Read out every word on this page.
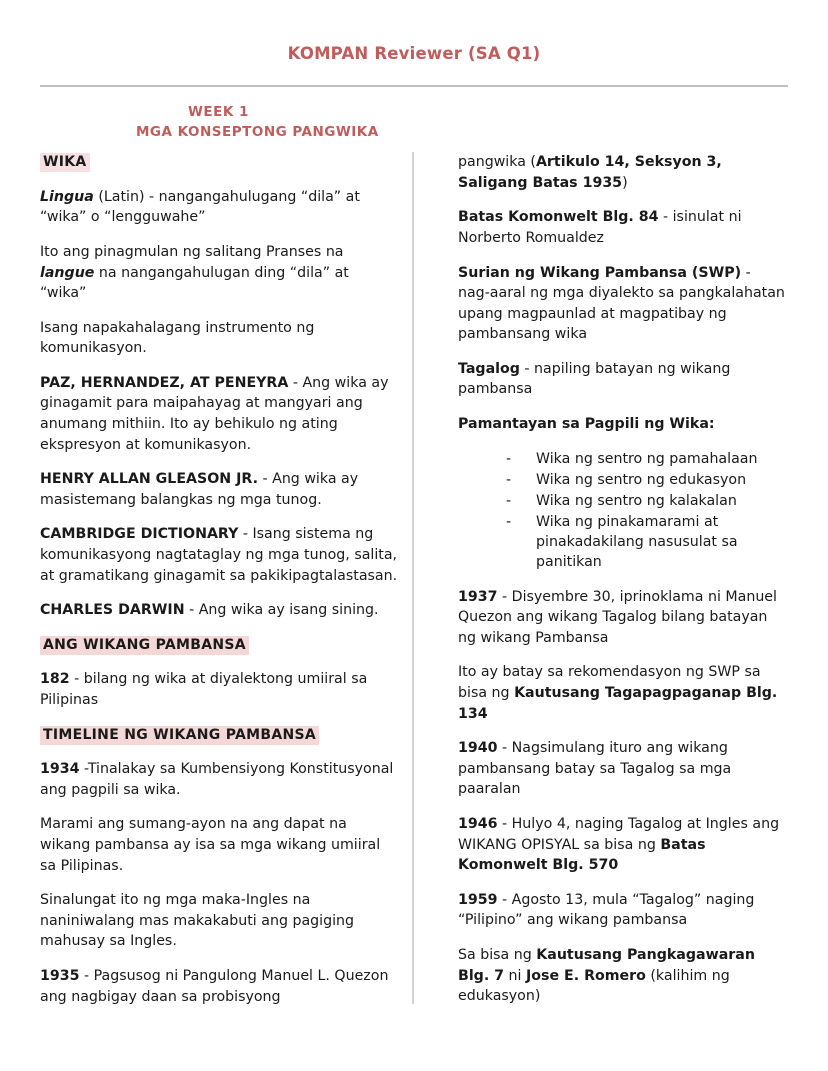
KOMPAN Reviewer (SA Q1)
WEEK 1
MGA KONSEPTONG PANGWIKA

WIKA

Lingua (Latin) - nangangahulugang “dila” at “wika” o “lengguwahe”

Ito ang pinagmulan ng salitang Pranses na langue na nangangahulugan ding “dila” at “wika”

Isang napakahalagang instrumento ng komunikasyon.

PAZ, HERNANDEZ, AT PENEYRA - Ang wika ay ginagamit para maipahayag at mangyari ang anumang mithiin. Ito ay behikulo ng ating ekspresyon at komunikasyon.

HENRY ALLAN GLEASON JR. - Ang wika ay masistemang balangkas ng mga tunog.

CAMBRIDGE DICTIONARY - Isang sistema ng komunikasyong nagtataglay ng mga tunog, salita, at gramatikang ginagamit sa pakikipagtalastasan.

CHARLES DARWIN - Ang wika ay isang sining.

ANG WIKANG PAMBANSA

182 - bilang ng wika at diyalektong umiiral sa Pilipinas

TIMELINE NG WIKANG PAMBANSA

1934 -Tinalakay sa Kumbensiyong Konstitusyonal ang pagpili sa wika.

Marami ang sumang-ayon na ang dapat na wikang pambansa ay isa sa mga wikang umiiral sa Pilipinas.

Sinalungat ito ng mga maka-Ingles na naniniwalang mas makakabuti ang pagiging mahusay sa Ingles.

1935 - Pagsusog ni Pangulong Manuel L. Quezon ang nagbigay daan sa probisyong

pangwika (Artikulo 14, Seksyon 3, Saligang Batas 1935)

Batas Komonwelt Blg. 84 - isinulat ni Norberto Romualdez

Surian ng Wikang Pambansa (SWP) - nag-aaral ng mga diyalekto sa pangkalahatan upang magpaunlad at magpatibay ng pambansang wika

Tagalog - napiling batayan ng wikang pambansa

Pamantayan sa Pagpili ng Wika:

- Wika ng sentro ng pamahalaan
- Wika ng sentro ng edukasyon
- Wika ng sentro ng kalakalan
- Wika ng pinakamarami at pinakadakilang nasusulat sa panitikan

1937 - Disyembre 30, iprinoklama ni Manuel Quezon ang wikang Tagalog bilang batayan ng wikang Pambansa

Ito ay batay sa rekomendasyon ng SWP sa bisa ng Kautusang Tagapagpaganap Blg. 134

1940 - Nagsimulang ituro ang wikang pambansang batay sa Tagalog sa mga paaralan

1946 - Hulyo 4, naging Tagalog at Ingles ang WIKANG OPISYAL sa bisa ng Batas Komonwelt Blg. 570

1959 - Agosto 13, mula “Tagalog” naging “Pilipino” ang wikang pambansa

Sa bisa ng Kautusang Pangkagawaran Blg. 7 ni Jose E. Romero (kalihim ng edukasyon)
